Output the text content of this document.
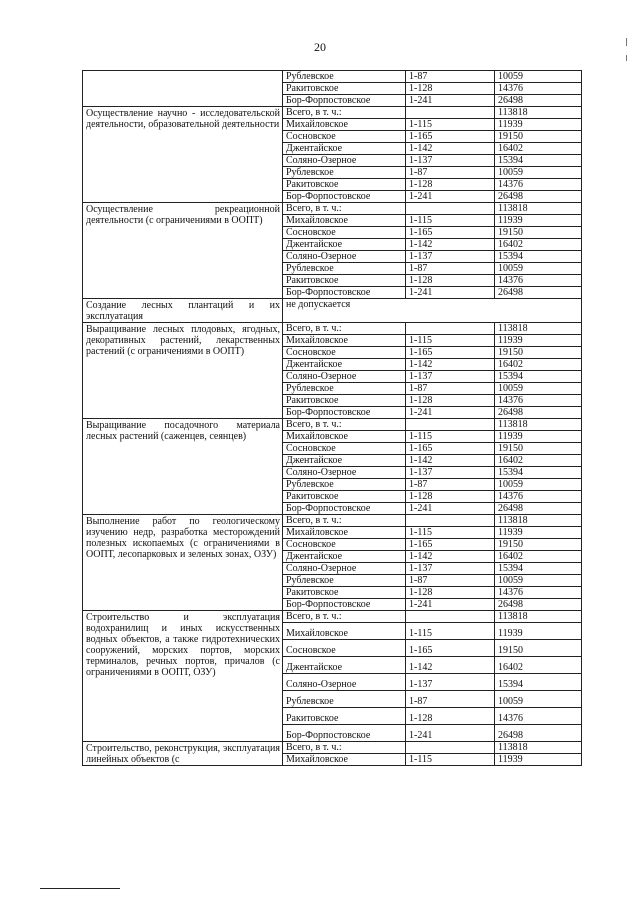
20
	Рублевское	1-87	10059
	Ракитовское	1-128	14376
	Бор-Форпостовское	1-241	26498
Осуществление научно - исследовательской деятельности, образовательной деятельности	Всего, в т. ч.:		113818
	Михайловское	1-115	11939
	Сосновское	1-165	19150
	Джентайское	1-142	16402
	Соляно-Озерное	1-137	15394
	Рублевское	1-87	10059
	Ракитовское	1-128	14376
	Бор-Форпостовское	1-241	26498
Осуществление рекреационной деятельности (с ограничениями в ООПТ)	Всего, в т. ч.:		113818
	Михайловское	1-115	11939
	Сосновское	1-165	19150
	Джентайское	1-142	16402
	Соляно-Озерное	1-137	15394
	Рублевское	1-87	10059
	Ракитовское	1-128	14376
	Бор-Форпостовское	1-241	26498
Создание лесных плантаций и их эксплуатация	не допускается		
Выращивание лесных плодовых, ягодных, декоративных растений, лекарственных растений (с ограничениями в ООПТ)	Всего, в т. ч.:		113818
	Михайловское	1-115	11939
	Сосновское	1-165	19150
	Джентайское	1-142	16402
	Соляно-Озерное	1-137	15394
	Рублевское	1-87	10059
	Ракитовское	1-128	14376
	Бор-Форпостовское	1-241	26498
Выращивание посадочного материала лесных растений (саженцев, сеянцев)	Всего, в т. ч.:		113818
	Михайловское	1-115	11939
	Сосновское	1-165	19150
	Джентайское	1-142	16402
	Соляно-Озерное	1-137	15394
	Рублевское	1-87	10059
	Ракитовское	1-128	14376
	Бор-Форпостовское	1-241	26498
Выполнение работ по геологическому изучению недр, разработка месторождений полезных ископаемых (с ограничениями в ООПТ, лесопарковых и зеленых зонах, ОЗУ)	Всего, в т. ч.:		113818
	Михайловское	1-115	11939
	Сосновское	1-165	19150
	Джентайское	1-142	16402
	Соляно-Озерное	1-137	15394
	Рублевское	1-87	10059
	Ракитовское	1-128	14376
	Бор-Форпостовское	1-241	26498
Строительство и эксплуатация водохранилищ и иных искусственных водных объектов, а также гидротехнических сооружений, морских портов, морских терминалов, речных портов, причалов (с ограничениями в ООПТ, ОЗУ)	Всего, в т. ч.:		113818
	Михайловское	1-115	11939
	Сосновское	1-165	19150
	Джентайское	1-142	16402
	Соляно-Озерное	1-137	15394
	Рублевское	1-87	10059
	Ракитовское	1-128	14376
	Бор-Форпостовское	1-241	26498
Строительство, реконструкция, эксплуатация линейных объектов (с	Всего, в т. ч.:		113818
	Михайловское	1-115	11939
